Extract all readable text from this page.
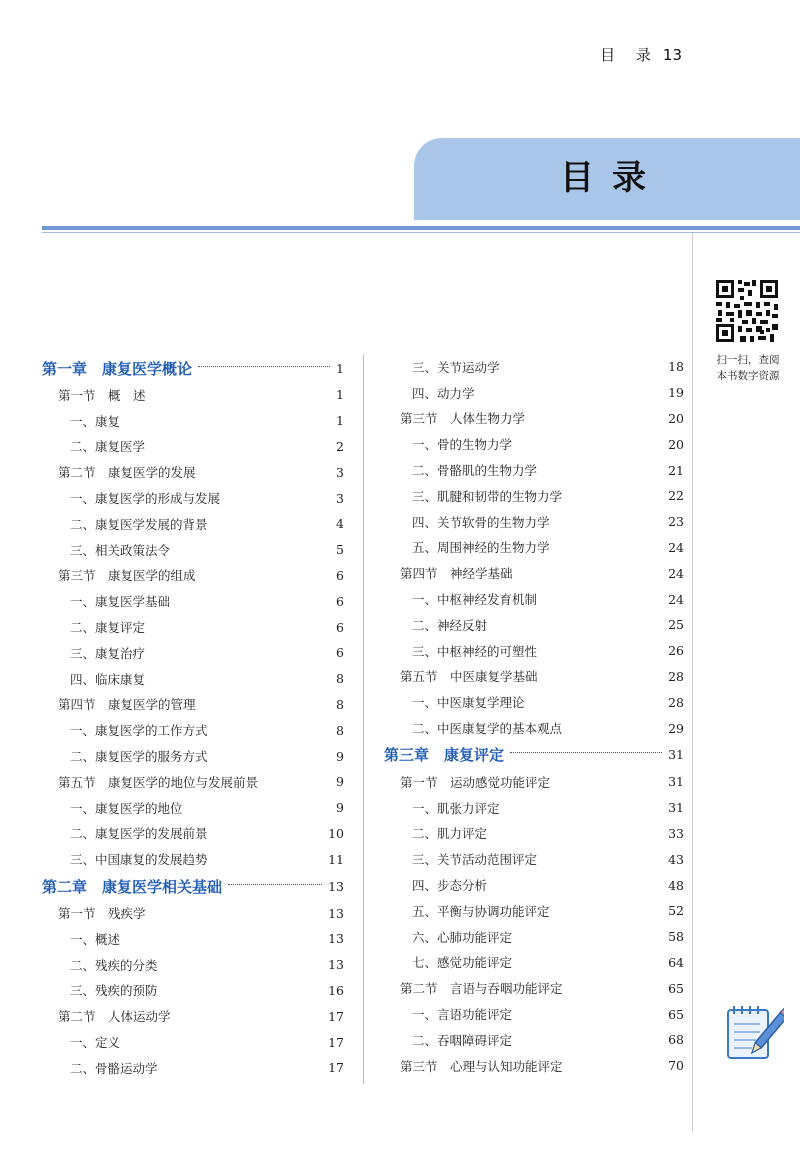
目 录 13
目录
扫一扫，查阅
本书数字资源
第一章　康复医学概论	1
第一节　概　述	1
一、康复	1
二、康复医学	2
第二节　康复医学的发展	3
一、康复医学的形成与发展	3
二、康复医学发展的背景	4
三、相关政策法令	5
第三节　康复医学的组成	6
一、康复医学基础	6
二、康复评定	6
三、康复治疗	6
四、临床康复	8
第四节　康复医学的管理	8
一、康复医学的工作方式	8
二、康复医学的服务方式	9
第五节　康复医学的地位与发展前景	9
一、康复医学的地位	9
二、康复医学的发展前景	10
三、中国康复的发展趋势	11
第二章　康复医学相关基础	13
第一节　残疾学	13
一、概述	13
二、残疾的分类	13
三、残疾的预防	16
第二节　人体运动学	17
一、定义	17
二、骨骼运动学	17
三、关节运动学	18
四、动力学	19
第三节　人体生物力学	20
一、骨的生物力学	20
二、骨骼肌的生物力学	21
三、肌腱和韧带的生物力学	22
四、关节软骨的生物力学	23
五、周围神经的生物力学	24
第四节　神经学基础	24
一、中枢神经发育机制	24
二、神经反射	25
三、中枢神经的可塑性	26
第五节　中医康复学基础	28
一、中医康复学理论	28
二、中医康复学的基本观点	29
第三章　康复评定	31
第一节　运动感觉功能评定	31
一、肌张力评定	31
二、肌力评定	33
三、关节活动范围评定	43
四、步态分析	48
五、平衡与协调功能评定	52
六、心肺功能评定	58
七、感觉功能评定	64
第二节　言语与吞咽功能评定	65
一、言语功能评定	65
二、吞咽障碍评定	68
第三节　心理与认知功能评定	70
